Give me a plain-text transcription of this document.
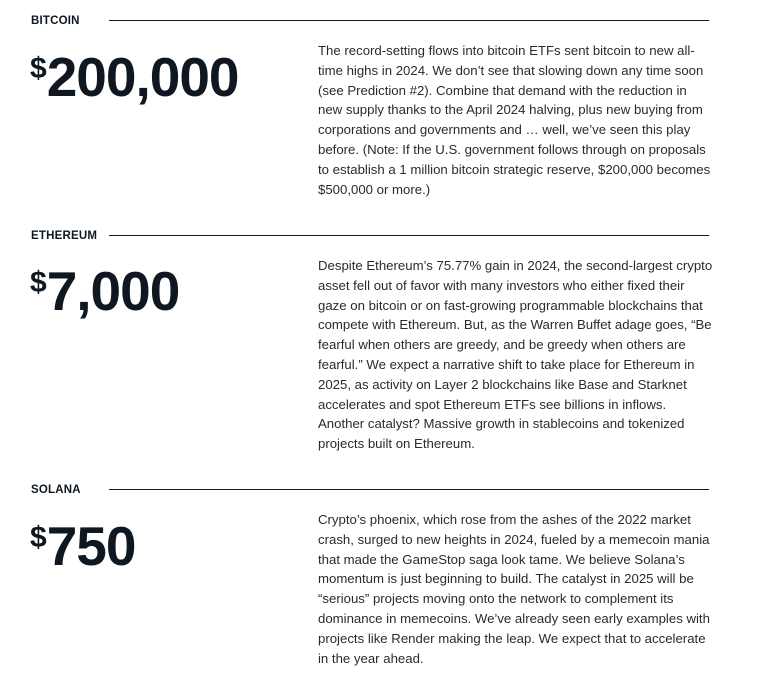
BITCOIN
$200,000	The record-setting flows into bitcoin ETFs sent bitcoin to new all-time highs in 2024. We don’t see that slowing down any time soon (see Prediction #2). Combine that demand with the reduction in new supply thanks to the April 2024 halving, plus new buying from corporations and governments and … well, we’ve seen this play before. (Note: If the U.S. government follows through on proposals to establish a 1 million bitcoin strategic reserve, $200,000 becomes $500,000 or more.)
ETHEREUM
$7,000	Despite Ethereum’s 75.77% gain in 2024, the second-largest crypto asset fell out of favor with many investors who either fixed their gaze on bitcoin or on fast-growing programmable blockchains that compete with Ethereum. But, as the Warren Buffet adage goes, “Be fearful when others are greedy, and be greedy when others are fearful.” We expect a narrative shift to take place for Ethereum in 2025, as activity on Layer 2 blockchains like Base and Starknet accelerates and spot Ethereum ETFs see billions in inflows. Another catalyst? Massive growth in stablecoins and tokenized projects built on Ethereum.
SOLANA
$750	Crypto’s phoenix, which rose from the ashes of the 2022 market crash, surged to new heights in 2024, fueled by a memecoin mania that made the GameStop saga look tame. We believe Solana’s momentum is just beginning to build. The catalyst in 2025 will be “serious” projects moving onto the network to complement its dominance in memecoins. We’ve already seen early examples with projects like Render making the leap. We expect that to accelerate in the year ahead.
